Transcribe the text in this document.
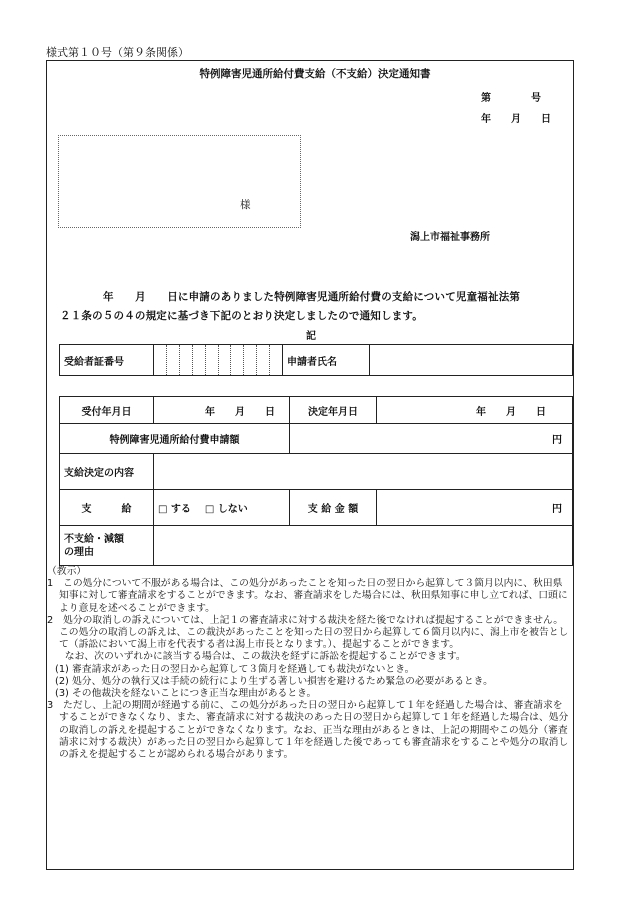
様式第１０号（第９条関係）
特例障害児通所給付費支給（不支給）決定通知書
第　　　　号
年　　月　　日
様
潟上市福祉事務所
年　　月　　日に申請のありました特例障害児通所給付費の支給について児童福祉法第
２１条の５の４の規定に基づき下記のとおり決定しましたので通知します。
記
受給者証番号		申請者氏名	
受付年月日	年　　月　　日	決定年月日	年　　月　　日
特例障害児通所給付費申請額		円	
支給決定の内容			
支　　　給	□ する □ しない	支 給 金 額	円

不支給・減額
の理由			

（教示）

1　この処分について不服がある場合は、この処分があったことを知った日の翌日から起算して３箇月以内に、秋田県知事に対して審査請求をすることができます。なお、審査請求をした場合には、秋田県知事に申し立てれば、口頭により意見を述べることができます。

2　処分の取消しの訴えについては、上記１の審査請求に対する裁決を経た後でなければ提起することができません。この処分の取消しの訴えは、この裁決があったことを知った日の翌日から起算して６箇月以内に、潟上市を被告として（訴訟において潟上市を代表する者は潟上市長となります。）、提起することができます。

　なお、次のいずれかに該当する場合は、この裁決を経ずに訴訟を提起することができます。

(1) 審査請求があった日の翌日から起算して３箇月を経過しても裁決がないとき。

(2) 処分、処分の執行又は手続の続行により生ずる著しい損害を避けるため緊急の必要があるとき。

(3) その他裁決を経ないことにつき正当な理由があるとき。

3　ただし、上記の期間が経過する前に、この処分があった日の翌日から起算して１年を経過した場合は、審査請求をすることができなくなり、また、審査請求に対する裁決のあった日の翌日から起算して１年を経過した場合は、処分の取消しの訴えを提起することができなくなります。なお、正当な理由があるときは、上記の期間やこの処分（審査請求に対する裁決）があった日の翌日から起算して１年を経過した後であっても審査請求をすることや処分の取消しの訴えを提起することが認められる場合があります。
